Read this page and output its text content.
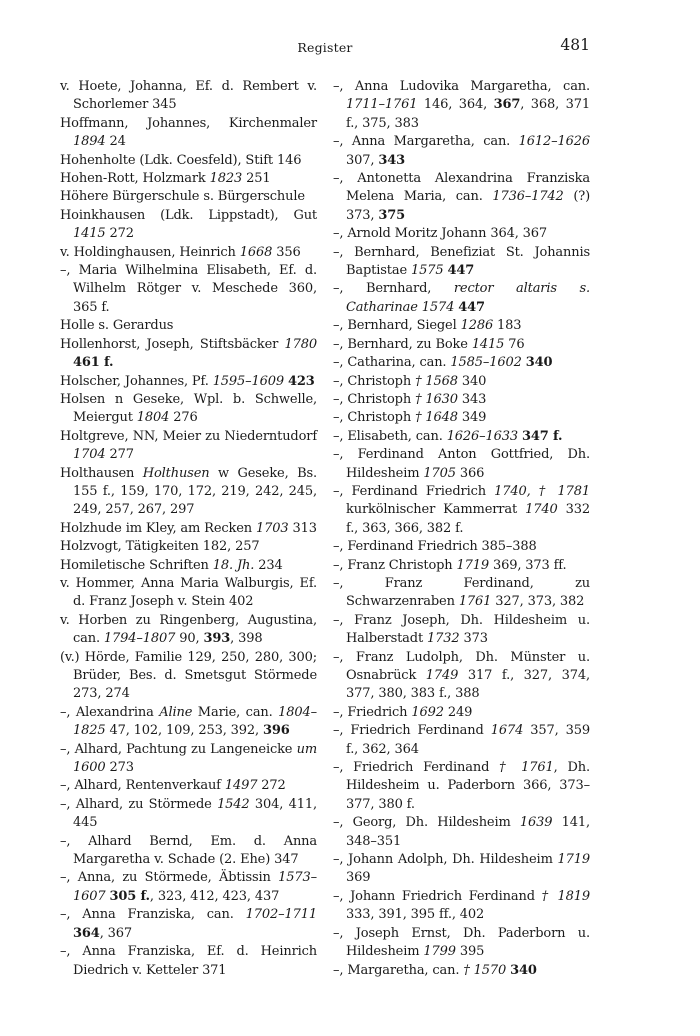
Register	481
v. Hoete, Johanna, Ef. d. Rembert v. Schorlemer 345
Hoffmann, Johannes, Kirchenmaler 1894 24
Hohenholte (Ldk. Coesfeld), Stift 146
Hohen-Rott, Holzmark 1823 251
Höhere Bürgerschule s. Bürgerschule
Hoinkhausen (Ldk. Lippstadt), Gut 1415 272
v. Holdinghausen, Heinrich 1668 356
–, Maria Wilhelmina Elisabeth, Ef. d. Wilhelm Rötger v. Meschede 360, 365 f.
Holle s. Gerardus
Hollenhorst, Joseph, Stiftsbäcker 1780 461 f.
Holscher, Johannes, Pf. 1595–1609 423
Holsen n Geseke, Wpl. b. Schwelle, Meiergut 1804 276
Holtgreve, NN, Meier zu Niederntudorf 1704 277
Holthausen Holthusen w Geseke, Bs. 155 f., 159, 170, 172, 219, 242, 245, 249, 257, 267, 297
Holzhude im Kley, am Recken 1703 313
Holzvogt, Tätigkeiten 182, 257
Homiletische Schriften 18. Jh. 234
v. Hommer, Anna Maria Walburgis, Ef. d. Franz Joseph v. Stein 402
v. Horben zu Ringenberg, Augustina, can. 1794–1807 90, 393, 398
(v.) Hörde, Familie 129, 250, 280, 300; Brüder, Bes. d. Smetsgut Störmede 273, 274
–, Alexandrina Aline Marie, can. 1804–1825 47, 102, 109, 253, 392, 396
–, Alhard, Pachtung zu Langeneicke um 1600 273
–, Alhard, Rentenverkauf 1497 272
–, Alhard, zu Störmede 1542 304, 411, 445
–, Alhard Bernd, Em. d. Anna Margaretha v. Schade (2. Ehe) 347
–, Anna, zu Störmede, Äbtissin 1573–1607 305 f., 323, 412, 423, 437
–, Anna Franziska, can. 1702–1711 364, 367
–, Anna Franziska, Ef. d. Heinrich Diedrich v. Ketteler 371
–, Anna Ludovika Margaretha, can. 1711–1761 146, 364, 367, 368, 371 f., 375, 383
–, Anna Margaretha, can. 1612–1626 307, 343
–, Antonetta Alexandrina Franziska Melena Maria, can. 1736–1742 (?) 373, 375
–, Arnold Moritz Johann 364, 367
–, Bernhard, Benefiziat St. Johannis Baptistae 1575 447
–, Bernhard, rector altaris s. Catharinae 1574 447
–, Bernhard, Siegel 1286 183
–, Bernhard, zu Boke 1415 76
–, Catharina, can. 1585–1602 340
–, Christoph † 1568 340
–, Christoph † 1630 343
–, Christoph † 1648 349
–, Elisabeth, can. 1626–1633 347 f.
–, Ferdinand Anton Gottfried, Dh. Hildesheim 1705 366
–, Ferdinand Friedrich 1740, † 1781 kurkölnischer Kammerrat 1740 332 f., 363, 366, 382 f.
–, Ferdinand Friedrich 385–388
–, Franz Christoph 1719 369, 373 ff.
–, Franz Ferdinand, zu Schwarzenraben 1761 327, 373, 382
–, Franz Joseph, Dh. Hildesheim u. Halberstadt 1732 373
–, Franz Ludolph, Dh. Münster u. Osnabrück 1749 317 f., 327, 374, 377, 380, 383 f., 388
–, Friedrich 1692 249
–, Friedrich Ferdinand 1674 357, 359 f., 362, 364
–, Friedrich Ferdinand † 1761, Dh. Hildesheim u. Paderborn 366, 373–377, 380 f.
–, Georg, Dh. Hildesheim 1639 141, 348–351
–, Johann Adolph, Dh. Hildesheim 1719 369
–, Johann Friedrich Ferdinand † 1819 333, 391, 395 ff., 402
–, Joseph Ernst, Dh. Paderborn u. Hildesheim 1799 395
–, Margaretha, can. † 1570 340
